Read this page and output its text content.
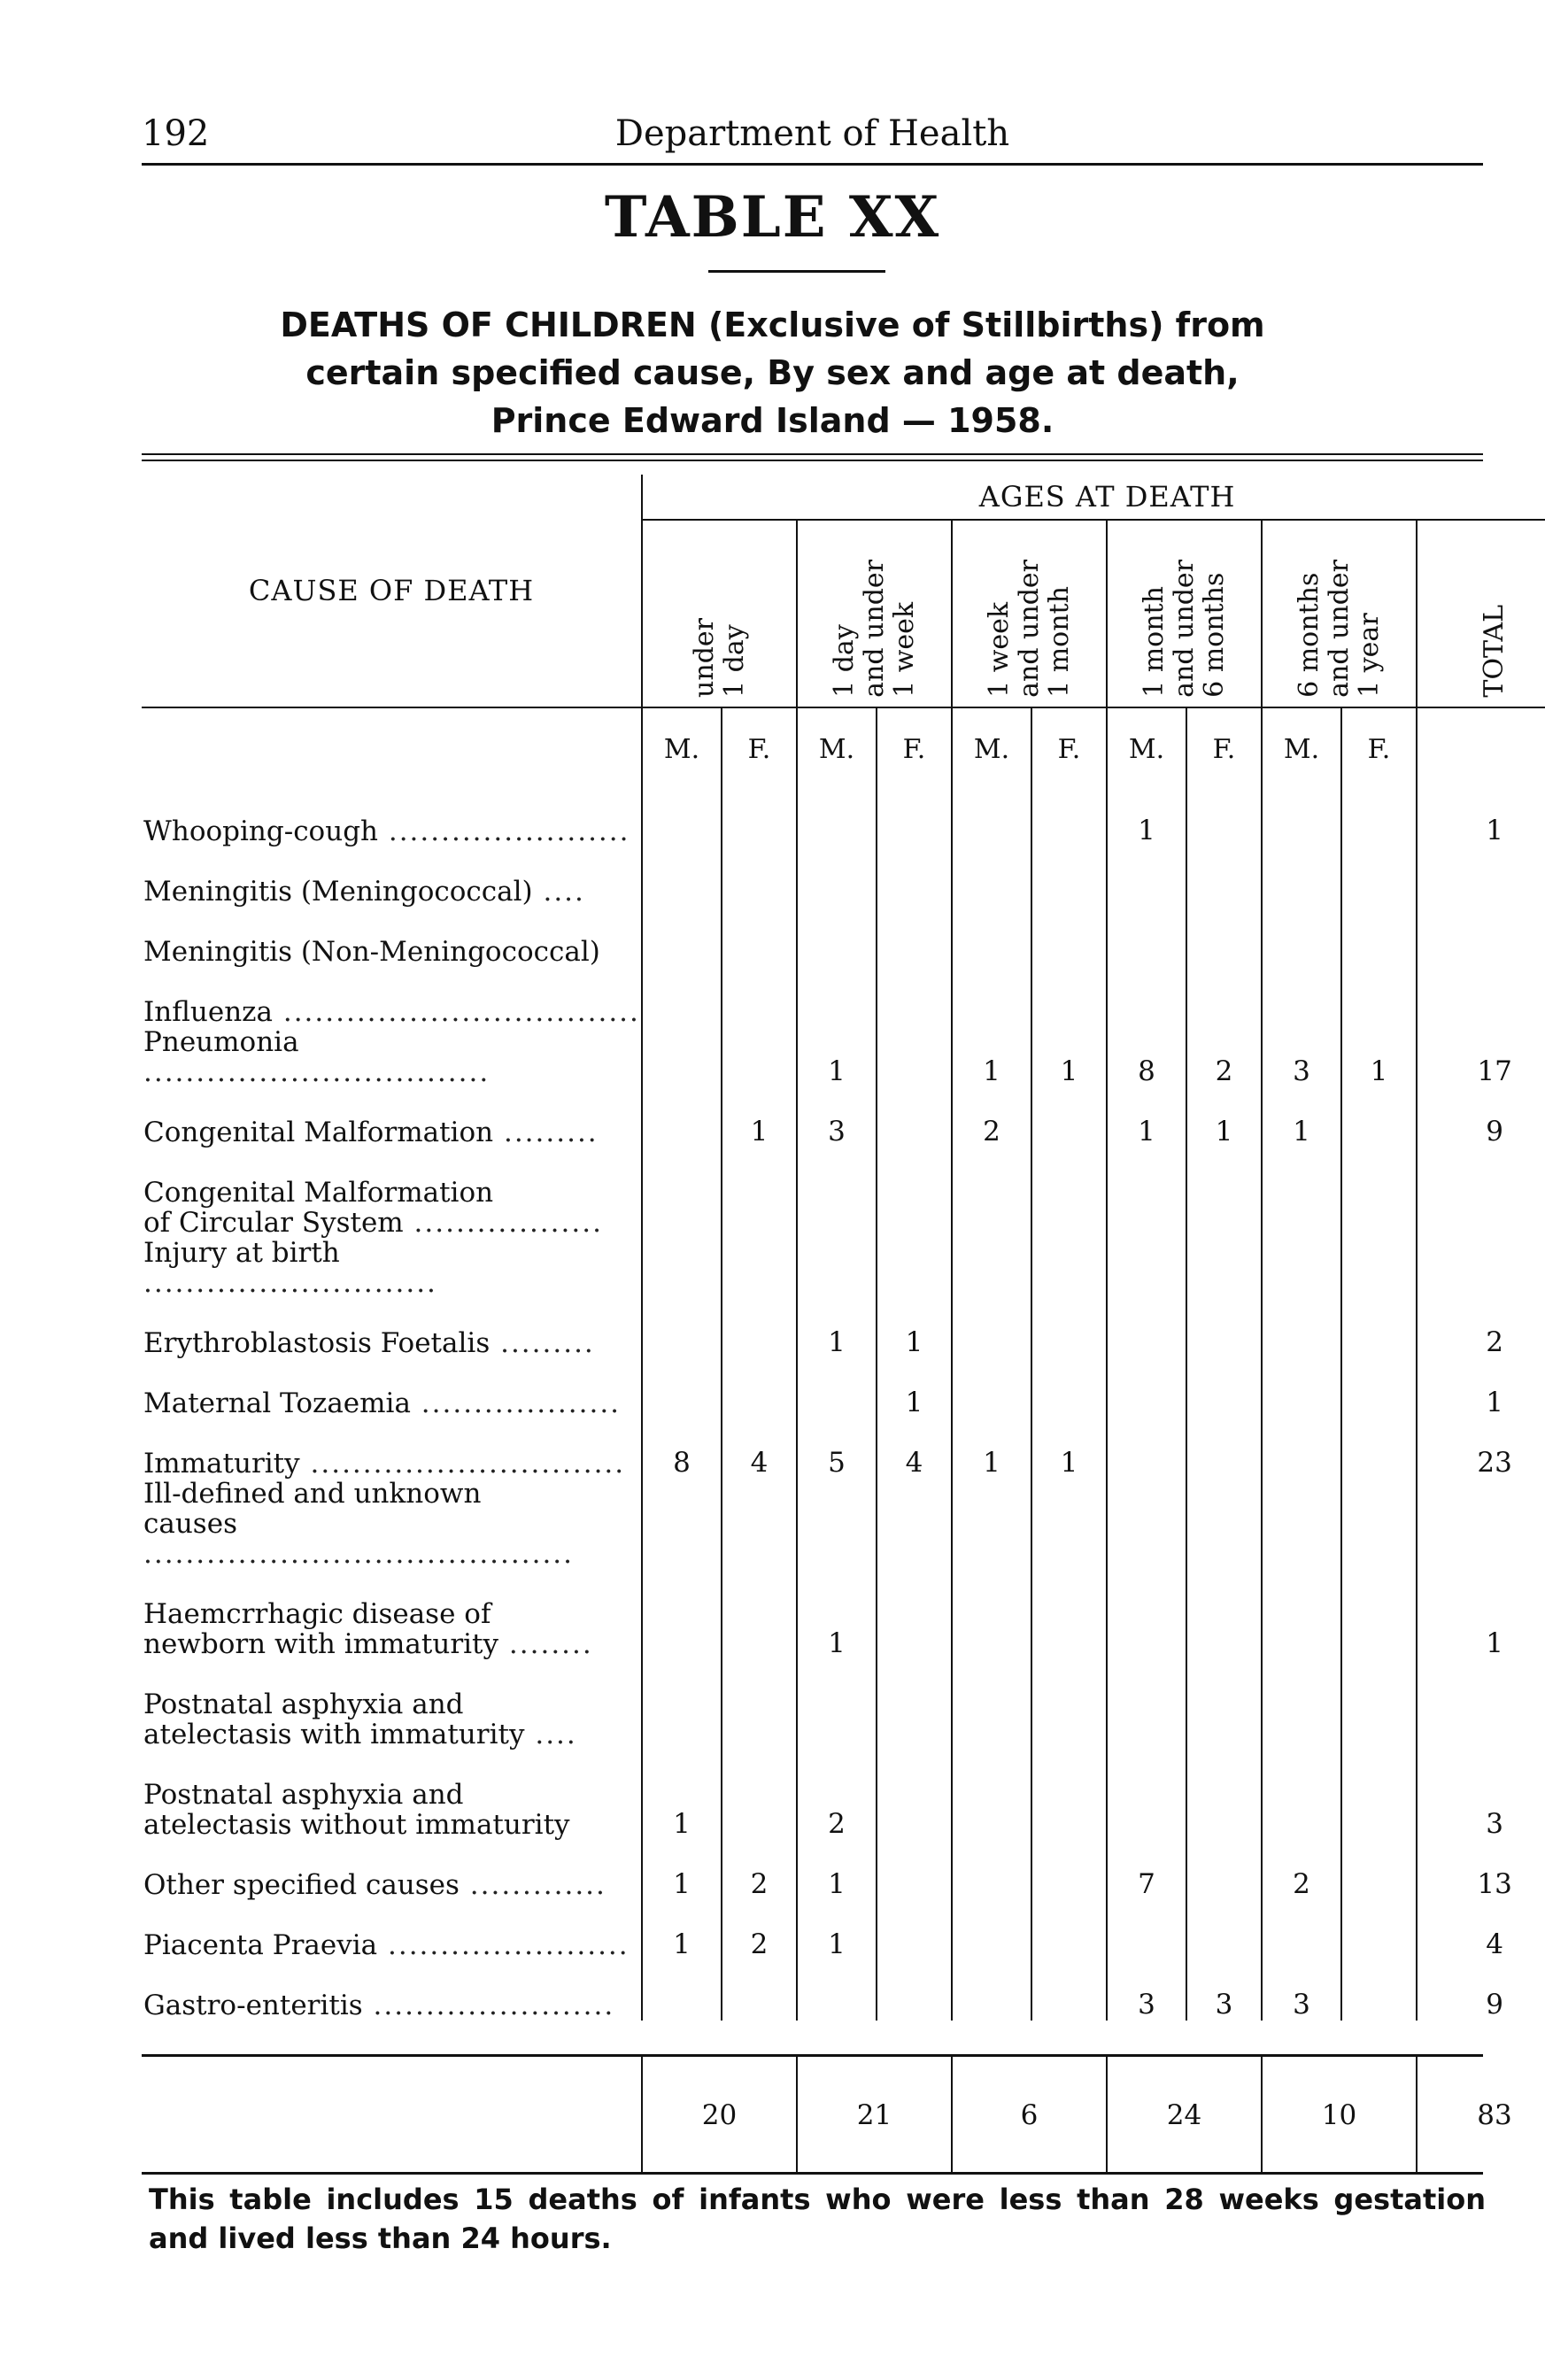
192	Department of Health
TABLE XX
DEATHS OF CHILDREN (Exclusive of Stillbirths) from
certain specified cause, By sex and age at death,
Prince Edward Island — 1958.
CAUSE OF DEATH	AGES AT DEATH										

	under
1 day		1 day
and under
1 week		1 week
and under
1 month		1 month
and under
6 months		6 months
and under
1 year		TOTAL

	M.	F.	M.	F.	M.	F.	M.	F.	M.	F.	

Whooping-cough .......................							1				1

Meningitis (Meningococcal) ....											

Meningitis (Non-Meningococcal)											

Influenza ..................................											

Pneumonia .................................			1		1	1	8	2	3	1	17

Congenital Malformation .........		1	3		2		1	1	1		9

Congenital Malformation
of Circular System ..................											

Injury at birth ............................											

Erythroblastosis Foetalis .........			1	1							2

Maternal Tozaemia ...................				1							1

Immaturity ..............................	8	4	5	4	1	1					23

Ill-defined and unknown
causes .........................................											

Haemcrrhagic disease of
newborn with immaturity ........			1								1

Postnatal asphyxia and
atelectasis with immaturity ....											

Postnatal asphyxia and
atelectasis without immaturity	1		2								3

Other specified causes .............	1	2	1				7		2		13

Piacenta Praevia .......................	1	2	1								4

Gastro-enteritis .......................							3	3	3		9
	20	21	6	24	10	83
This table includes 15 deaths of infants who were less than 28 weeks gestation and lived less than 24 hours.
